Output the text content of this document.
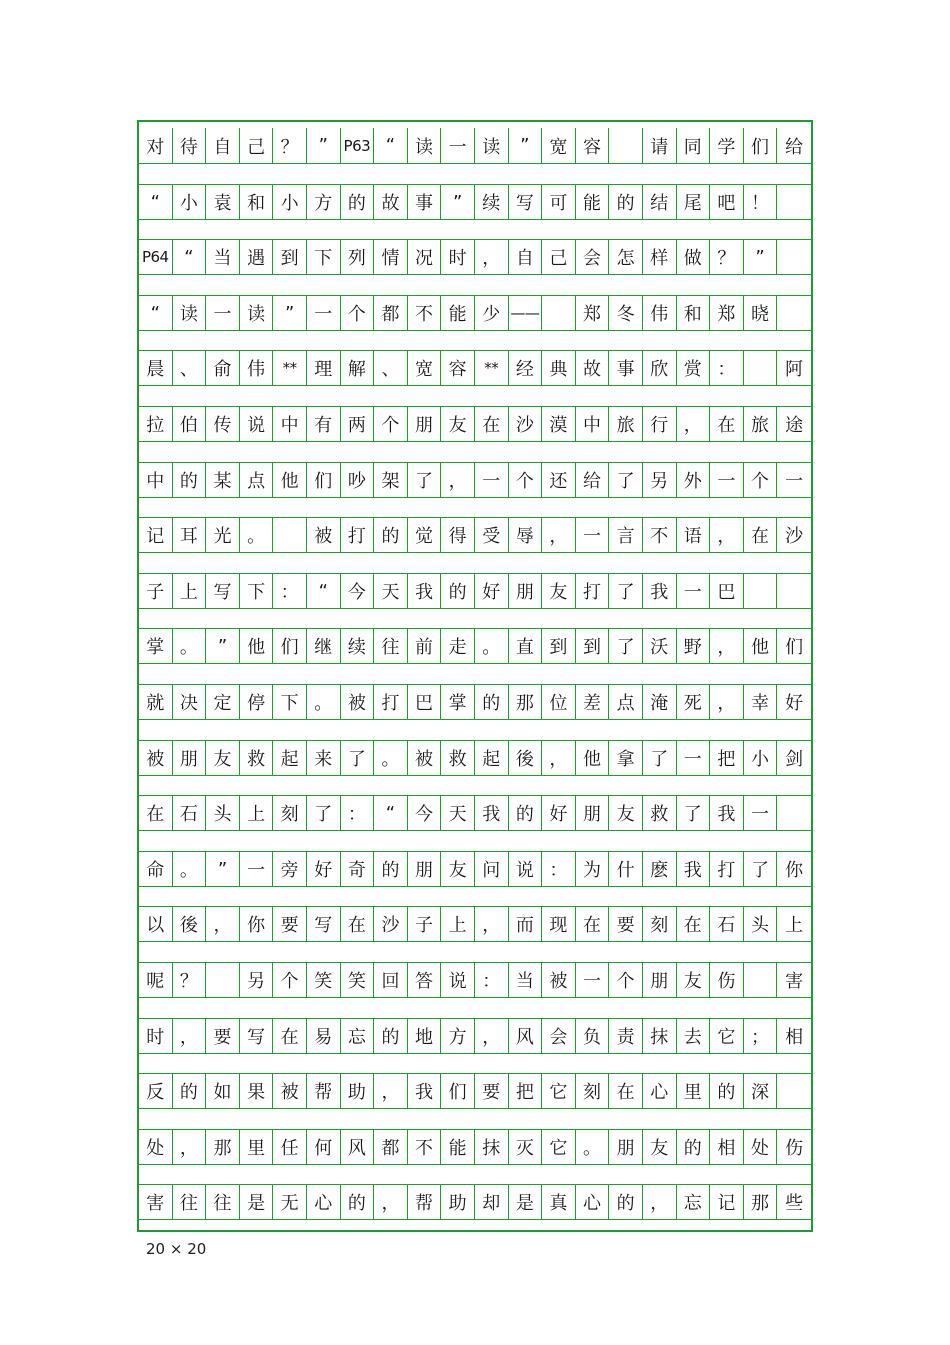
对 待 自 己 ？	”	P63 “	读 一 读	”	宽 容	请 同 学 们 给
“	小 袁 和 小 方 的 故 事	”	续 写 可 能 的 结 尾 吧 ！
P64 “	当 遇 到 下 列 情 况 时 ， 自 己 会 怎 样 做 ？	”
“	读 一 读	”	一 个 都 不 能 少 ——	郑 冬 伟 和 郑 晓
晨 、 俞 伟	** 理 解 、 宽 容	** 经 典 故 事 欣 赏 ：	阿
拉 伯 传 说 中 有 两 个 朋 友 在 沙 漠 中 旅 行 ， 在 旅 途
中 的 某 点 他 们 吵 架 了 ， 一 个 还 给 了 另 外 一 个 一
记 耳 光 。	被 打 的 觉 得 受 辱 ， 一 言 不 语 ， 在 沙
子 上 写 下 ：	“	今 天 我 的 好 朋 友 打 了 我 一 巴
掌 。	”	他 们 继 续 往 前 走 。 直 到 到 了 沃 野 ， 他 们
就 决 定 停 下 。 被 打 巴 掌 的 那 位 差 点 淹 死 ， 幸 好
被 朋 友 救 起 来 了 。 被 救 起 後 ， 他 拿 了 一 把 小 剑
在 石 头 上 刻 了 ：	“	今 天 我 的 好 朋 友 救 了 我 一
命 。	”	一 旁 好 奇 的 朋 友 问 说 ： 为 什 麽 我 打 了 你
以 後 ， 你 要 写 在 沙 子 上 ， 而 现 在 要 刻 在 石 头 上
呢 ？	另 个 笑 笑 回 答 说 ： 当 被 一 个 朋 友 伤	害
时 ， 要 写 在 易 忘 的 地 方 ， 风 会 负 责 抹 去 它 ； 相
反 的 如 果 被 帮 助 ， 我 们 要 把 它 刻 在 心 里 的 深
处 ， 那 里 任 何 风 都 不 能 抹 灭 它 。 朋 友 的 相 处 伤
害 往 往 是 无 心 的 ， 帮 助 却 是 真 心 的 ， 忘 记 那 些
20 × 20
